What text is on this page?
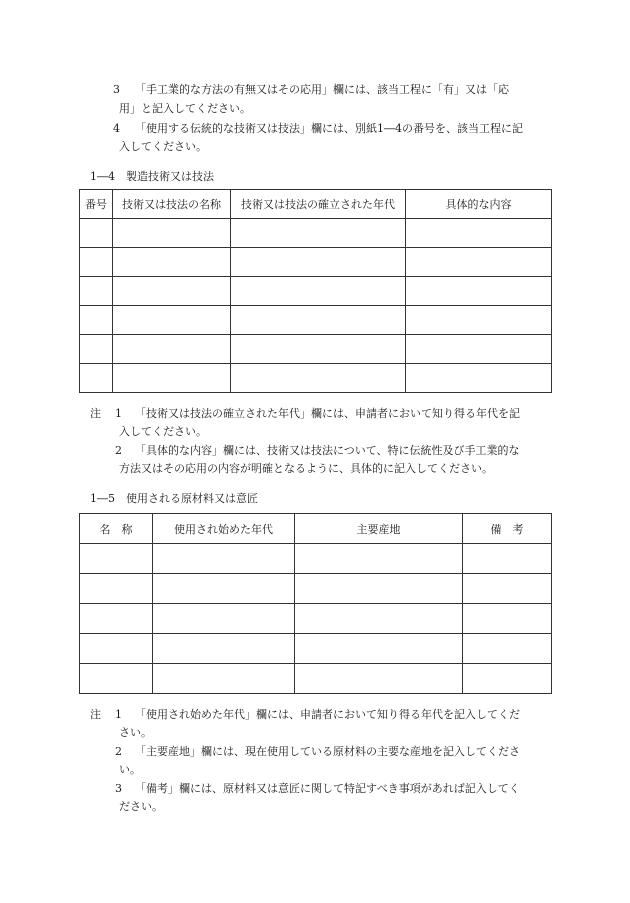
3 「手工業的な方法の有無又はその応用」欄には、該当工程に「有」又は「応
用」と記入してください。
4 「使用する伝統的な技術又は技法」欄には、別紙1―4の番号を、該当工程に記
入してください。
1―4　製造技術又は技法
番号	技術又は技法の名称	技術又は技法の確立された年代	具体的な内容

注 1 「技術又は技法の確立された年代」欄には、申請者において知り得る年代を記
入してください。
2 「具体的な内容」欄には、技術又は技法について、特に伝統性及び手工業的な
方法又はその応用の内容が明確となるように、具体的に記入してください。
1―5　使用される原材料又は意匠
名　称	使用され始めた年代	主要産地	備　考

注 1 「使用され始めた年代」欄には、申請者において知り得る年代を記入してくだ
さい。
2 「主要産地」欄には、現在使用している原材料の主要な産地を記入してくださ
い。
3 「備考」欄には、原材料又は意匠に関して特記すべき事項があれば記入してく
ださい。
